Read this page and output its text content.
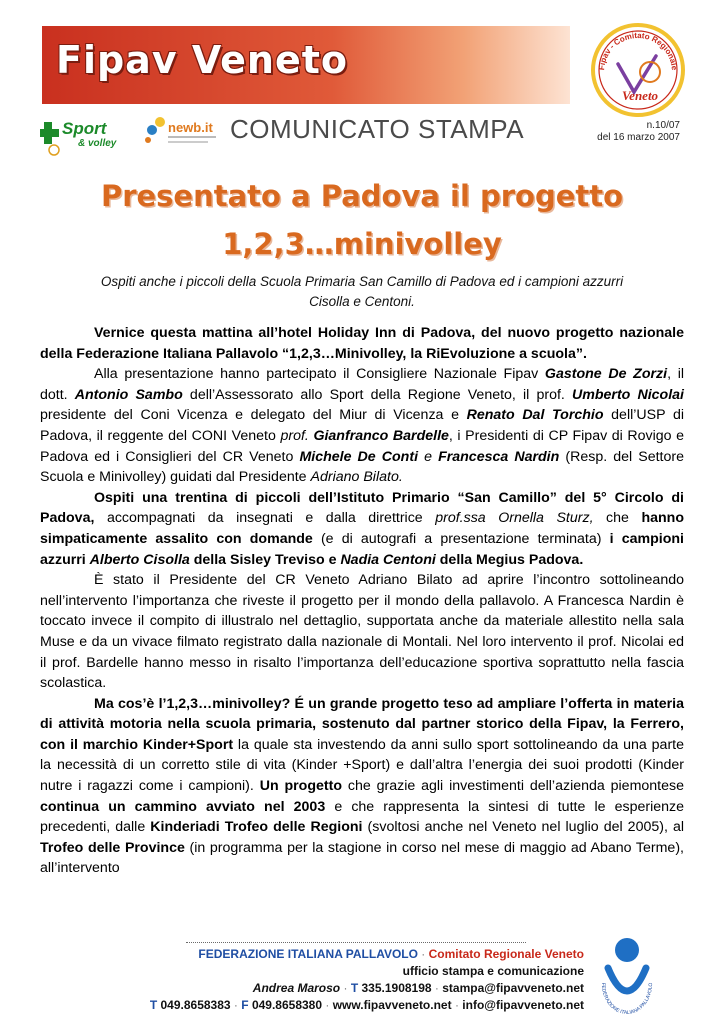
Fipav Veneto	Fipav - Comitato Regionale
Veneto
Sport
& volley
newb.it COMUNICATO STAMPA	n.10/07
del 16 marzo 2007
Presentato a Padova il progetto
1,2,3…minivolley
Ospiti anche i piccoli della Scuola Primaria San Camillo di Padova ed i campioni azzurri
Cisolla e Centoni.

Vernice questa mattina all’hotel Holiday Inn di Padova, del nuovo progetto nazionale della Federazione Italiana Pallavolo “1,2,3…Minivolley, la RiEvoluzione a scuola”.

Alla presentazione hanno partecipato il Consigliere Nazionale Fipav Gastone De Zorzi, il dott. Antonio Sambo dell’Assessorato allo Sport della Regione Veneto, il prof. Umberto Nicolai presidente del Coni Vicenza e delegato del Miur di Vicenza e Renato Dal Torchio dell’USP di Padova, il reggente del CONI Veneto prof. Gianfranco Bardelle, i Presidenti di CP Fipav di Rovigo e Padova ed i Consiglieri del CR Veneto Michele De Conti e Francesca Nardin (Resp. del Settore Scuola e Minivolley) guidati dal Presidente Adriano Bilato.

Ospiti una trentina di piccoli dell’Istituto Primario “San Camillo” del 5° Circolo di Padova, accompagnati da insegnati e dalla direttrice prof.ssa Ornella Sturz, che hanno simpaticamente assalito con domande (e di autografi a presentazione terminata) i campioni azzurri Alberto Cisolla della Sisley Treviso e Nadia Centoni della Megius Padova.

È stato il Presidente del CR Veneto Adriano Bilato ad aprire l’incontro sottolineando nell’intervento l’importanza che riveste il progetto per il mondo della pallavolo. A Francesca Nardin è toccato invece il compito di illustralo nel dettaglio, supportata anche da materiale allestito nella sala Muse e da un vivace filmato registrato dalla nazionale di Montali. Nel loro intervento il prof. Nicolai ed il prof. Bardelle hanno messo in risalto l’importanza dell’educazione sportiva soprattutto nella fascia scolastica.

Ma cos’è l’1,2,3…minivolley? É un grande progetto teso ad ampliare l’offerta in materia di attività motoria nella scuola primaria, sostenuto dal partner storico della Fipav, la Ferrero, con il marchio Kinder+Sport la quale sta investendo da anni sullo sport sottolineando da una parte la necessità di un corretto stile di vita (Kinder +Sport) e dall’altra l’energia dei suoi prodotti (Kinder nutre i ragazzi come i campioni). Un progetto che grazie agli investimenti dell’azienda piemontese continua un cammino avviato nel 2003 e che rappresenta la sintesi di tutte le esperienze precedenti, dalle Kinderiadi Trofeo delle Regioni (svoltosi anche nel Veneto nel luglio del 2005), al Trofeo delle Province (in programma per la stagione in corso nel mese di maggio ad Abano Terme), all’intervento

FEDERAZIONE ITALIANA PALLAVOLO · Comitato Regionale Veneto
ufficio stampa e comunicazione
Andrea Maroso · T 335.1908198 · stampa@fipavveneto.net
T 049.8658383 · F 049.8658380 · www.fipavveneto.net · info@fipavveneto.net
FEDERAZIONE ITALIANA PALLAVOLO
